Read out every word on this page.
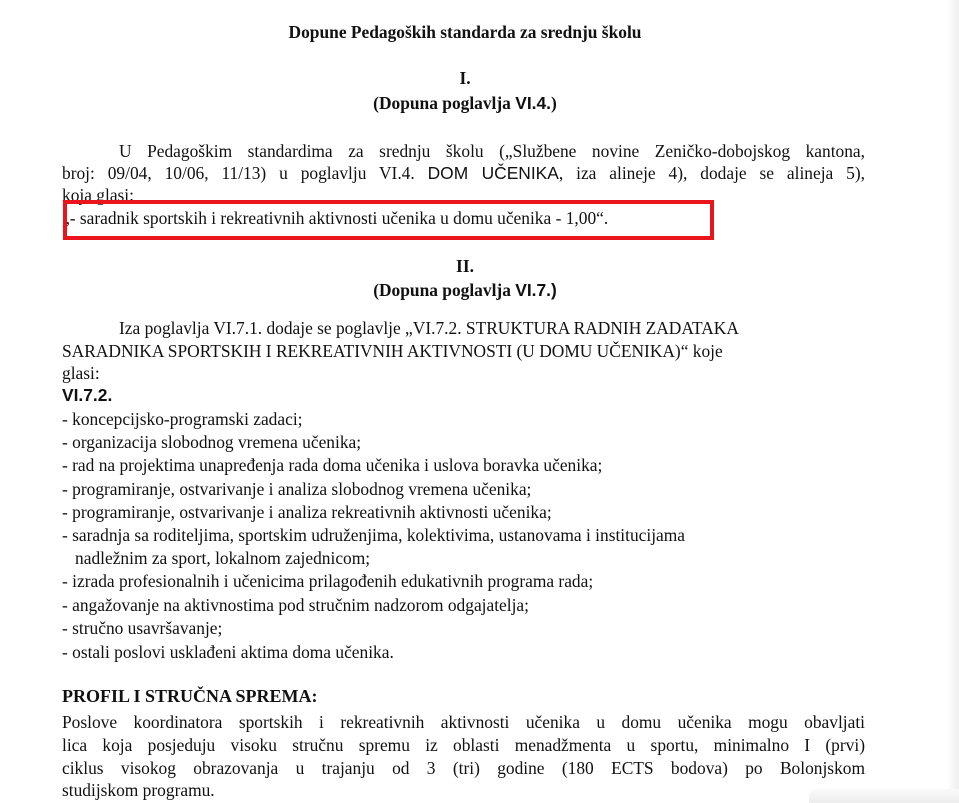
Dopune Pedagoških standarda za srednju školu
I.
(Dopuna poglavlja VI.4.)
U Pedagoškim standardima za srednju školu („Službene novine Zeničko-dobojskog kantona,
broj: 09/04, 10/06, 11/13) u poglavlju VI.4. DOM UČENIKA, iza alineje 4), dodaje se alineja 5),
koja glasi:
„- saradnik sportskih i rekreativnih aktivnosti učenika u domu učenika - 1,00“.
II.
(Dopuna poglavlja VI.7.)
Iza poglavlja VI.7.1. dodaje se poglavlje „VI.7.2. STRUKTURA RADNIH ZADATAKA
SARADNIKA SPORTSKIH I REKREATIVNIH AKTIVNOSTI (U DOMU UČENIKA)“ koje
glasi:
VI.7.2.
- koncepcijsko-programski zadaci;
- organizacija slobodnog vremena učenika;
- rad na projektima unapređenja rada doma učenika i uslova boravka učenika;
- programiranje, ostvarivanje i analiza slobodnog vremena učenika;
- programiranje, ostvarivanje i analiza rekreativnih aktivnosti učenika;
- saradnja sa roditeljima, sportskim udruženjima, kolektivima, ustanovama i institucijama
nadležnim za sport, lokalnom zajednicom;
- izrada profesionalnih i učenicima prilagođenih edukativnih programa rada;
- angažovanje na aktivnostima pod stručnim nadzorom odgajatelja;
- stručno usavršavanje;
- ostali poslovi usklađeni aktima doma učenika.
PROFIL I STRUČNA SPREMA:
Poslove koordinatora sportskih i rekreativnih aktivnosti učenika u domu učenika mogu obavljati
lica koja posjeduju visoku stručnu spremu iz oblasti menadžmenta u sportu, minimalno I (prvi)
ciklus visokog obrazovanja u trajanju od 3 (tri) godine (180 ECTS bodova) po Bolonjskom
studijskom programu.
